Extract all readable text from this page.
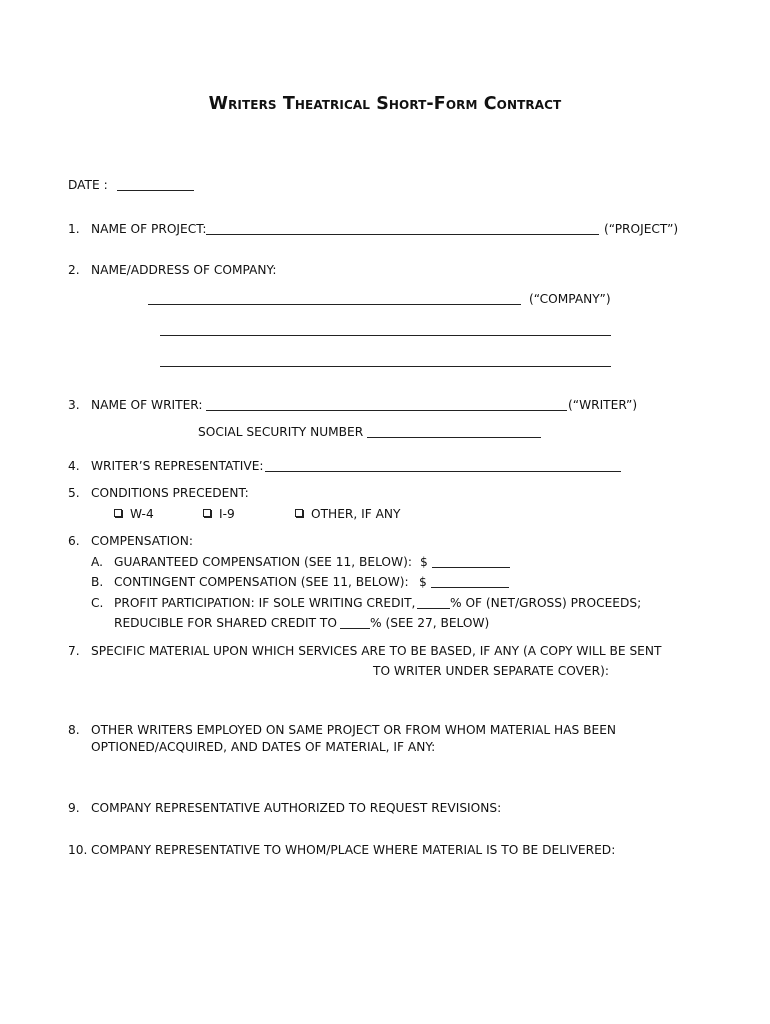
Writers Theatrical Short-Form Contract
DATE :
1. NAME OF PROJECT:	(“PROJECT”)
2. NAME/ADDRESS OF COMPANY:
(“COMPANY”)
3. NAME OF WRITER:	(“WRITER”)
SOCIAL SECURITY NUMBER
4. WRITER’S REPRESENTATIVE:
5. CONDITIONS PRECEDENT:
W-4	I-9	OTHER, IF ANY
6. COMPENSATION:
A. GUARANTEED COMPENSATION (SEE 11, BELOW): $
B. CONTINGENT COMPENSATION (SEE 11, BELOW): $
C. PROFIT PARTICIPATION: IF SOLE WRITING CREDIT,	% OF (NET/GROSS) PROCEEDS;
REDUCIBLE FOR SHARED CREDIT TO	% (SEE 27, BELOW)
7. SPECIFIC MATERIAL UPON WHICH SERVICES ARE TO BE BASED, IF ANY (A COPY WILL BE SENT
TO WRITER UNDER SEPARATE COVER):
8. OTHER WRITERS EMPLOYED ON SAME PROJECT OR FROM WHOM MATERIAL HAS BEEN
OPTIONED/ACQUIRED, AND DATES OF MATERIAL, IF ANY:
9. COMPANY REPRESENTATIVE AUTHORIZED TO REQUEST REVISIONS:
10. COMPANY REPRESENTATIVE TO WHOM/PLACE WHERE MATERIAL IS TO BE DELIVERED:
